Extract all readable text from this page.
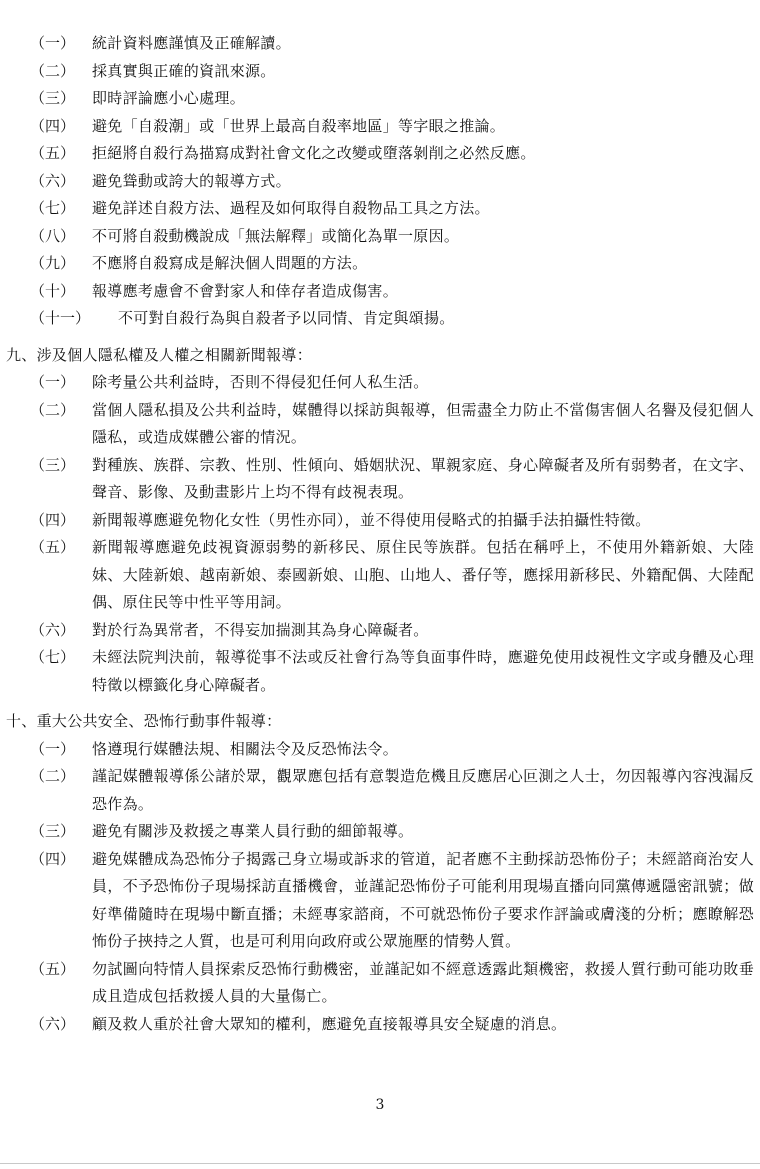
（一）	統計資料應謹慎及正確解讀。
（二）	採真實與正確的資訊來源。
（三）	即時評論應小心處理。
（四）	避免「自殺潮」或「世界上最高自殺率地區」等字眼之推論。
（五）	拒絕將自殺行為描寫成對社會文化之改變或墮落剝削之必然反應。
（六）	避免聳動或誇大的報導方式。
（七）	避免詳述自殺方法、過程及如何取得自殺物品工具之方法。
（八）	不可將自殺動機說成「無法解釋」或簡化為單一原因。
（九）	不應將自殺寫成是解決個人問題的方法。
（十）	報導應考慮會不會對家人和倖存者造成傷害。
（十一）	不可對自殺行為與自殺者予以同情、肯定與頌揚。
九、涉及個人隱私權及人權之相關新聞報導：
（一）	除考量公共利益時，否則不得侵犯任何人私生活。
（二）	當個人隱私損及公共利益時，媒體得以採訪與報導，但需盡全力防止不當傷害個人名譽及侵犯個人隱私，或造成媒體公審的情況。
（三）	對種族、族群、宗教、性別、性傾向、婚姻狀況、單親家庭、身心障礙者及所有弱勢者，在文字、聲音、影像、及動畫影片上均不得有歧視表現。
（四）	新聞報導應避免物化女性（男性亦同），並不得使用侵略式的拍攝手法拍攝性特徵。
（五）	新聞報導應避免歧視資源弱勢的新移民、原住民等族群。包括在稱呼上，不使用外籍新娘、大陸妹、大陸新娘、越南新娘、泰國新娘、山胞、山地人、番仔等，應採用新移民、外籍配偶、大陸配偶、原住民等中性平等用詞。
（六）	對於行為異常者，不得妄加揣測其為身心障礙者。
（七）	未經法院判決前，報導從事不法或反社會行為等負面事件時，應避免使用歧視性文字或身體及心理特徵以標籤化身心障礙者。
十、重大公共安全、恐怖行動事件報導：
（一）	恪遵現行媒體法規、相關法令及反恐怖法令。
（二）	謹記媒體報導係公諸於眾，觀眾應包括有意製造危機且反應居心叵測之人士，勿因報導內容洩漏反恐作為。
（三）	避免有關涉及救援之專業人員行動的細節報導。
（四）	避免媒體成為恐怖分子揭露己身立場或訴求的管道，記者應不主動採訪恐怖份子；未經諮商治安人員，不予恐怖份子現場採訪直播機會，並謹記恐怖份子可能利用現場直播向同黨傳遞隱密訊號；做好準備隨時在現場中斷直播；未經專家諮商，不可就恐怖份子要求作評論或膚淺的分析；應瞭解恐怖份子挾持之人質，也是可利用向政府或公眾施壓的情勢人質。
（五）	勿試圖向特情人員探索反恐怖行動機密，並謹記如不經意透露此類機密，救援人質行動可能功敗垂成且造成包括救援人員的大量傷亡。
（六）	顧及救人重於社會大眾知的權利，應避免直接報導具安全疑慮的消息。
3
